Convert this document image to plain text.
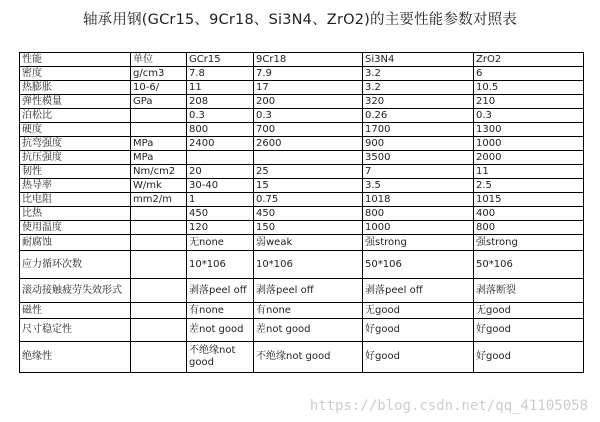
轴承用钢(GCr15、9Cr18、Si3N4、ZrO2)的主要性能参数对照表
性能	单位	GCr15	9Cr18	Si3N4	ZrO2
密度	g/cm3	7.8	7.9	3.2	6
热膨胀	10-6/	11	17	3.2	10.5
弹性模量	GPa	208	200	320	210
泊松比		0.3	0.3	0.26	0.3
硬度		800	700	1700	1300
抗弯强度	MPa	2400	2600	900	1000
抗压强度	MPa			3500	2000
韧性	Nm/cm2	20	25	7	11
热导率	W/mk	30-40	15	3.5	2.5
比电阻	mm2/m	1	0.75	1018	1015
比热		450	450	800	400
使用温度		120	150	1000	800
耐腐蚀		无none	弱weak	强strong	强strong
应力循环次数		10*106	10*106	50*106	50*106
滚动接触疲劳失效形式		剥落peel off	剥落peel off	剥落peel off	剥落断裂
磁性		有none	有none	无good	无good
尺寸稳定性		差not good	差not good	好good	好good
绝缘性		不绝缘not good	不绝缘not good	好good	好good
https://blog.csdn.net/qq_41105058
